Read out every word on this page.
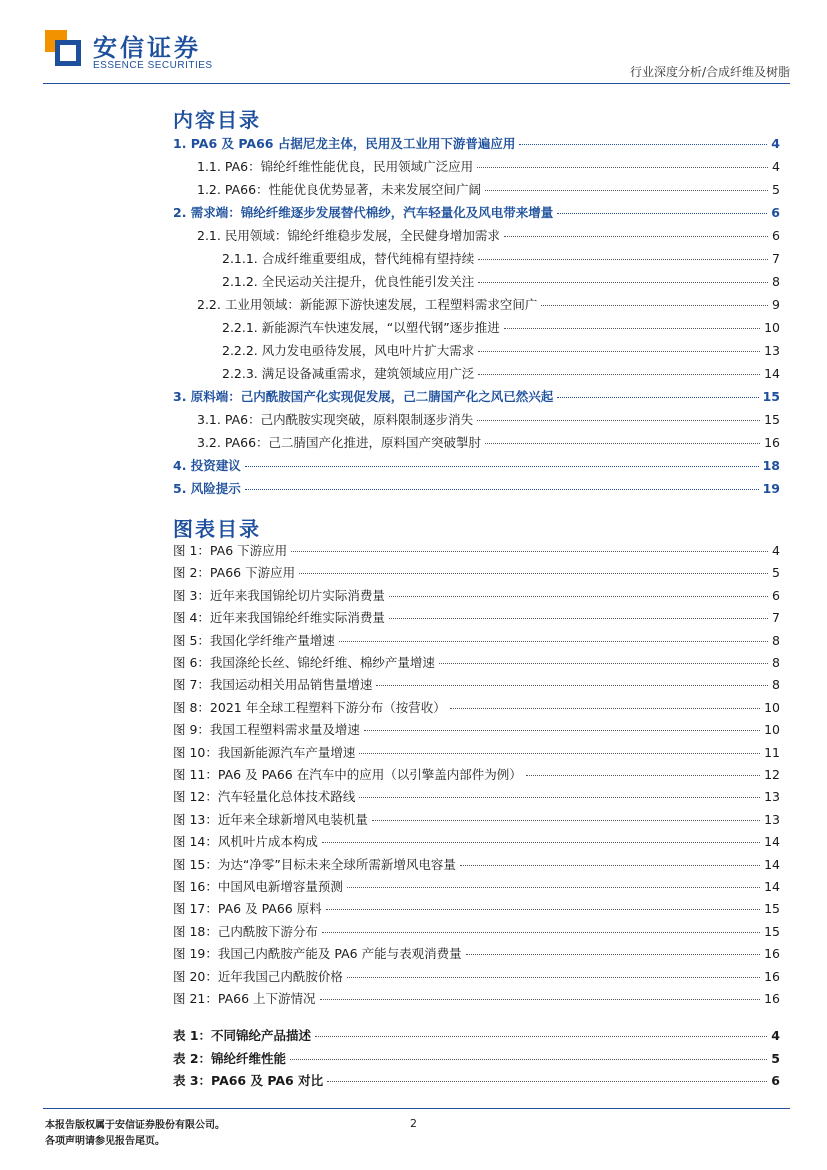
安信证券
ESSENCE SECURITIES	行业深度分析/合成纤维及树脂
内容目录
1. PA6 及 PA66 占据尼龙主体，民用及工业用下游普遍应用	4
1.1. PA6：锦纶纤维性能优良，民用领域广泛应用	4
1.2. PA66：性能优良优势显著，未来发展空间广阔	5
2. 需求端：锦纶纤维逐步发展替代棉纱，汽车轻量化及风电带来增量	6
2.1. 民用领域：锦纶纤维稳步发展，全民健身增加需求	6
2.1.1. 合成纤维重要组成，替代纯棉有望持续	7
2.1.2. 全民运动关注提升，优良性能引发关注	8
2.2. 工业用领域：新能源下游快速发展，工程塑料需求空间广	9
2.2.1. 新能源汽车快速发展，“以塑代钢”逐步推进	10
2.2.2. 风力发电亟待发展，风电叶片扩大需求	13
2.2.3. 满足设备减重需求，建筑领域应用广泛	14
3. 原料端：己内酰胺国产化实现促发展，己二腈国产化之风已然兴起	15
3.1. PA6：己内酰胺实现突破，原料限制逐步消失	15
3.2. PA66：己二腈国产化推进，原料国产突破掣肘	16
4. 投资建议	18
5. 风险提示	19
图表目录
图 1：PA6 下游应用	4
图 2：PA66 下游应用	5
图 3：近年来我国锦纶切片实际消费量	6
图 4：近年来我国锦纶纤维实际消费量	7
图 5：我国化学纤维产量增速	8
图 6：我国涤纶长丝、锦纶纤维、棉纱产量增速	8
图 7：我国运动相关用品销售量增速	8
图 8：2021 年全球工程塑料下游分布（按营收）	10
图 9：我国工程塑料需求量及增速	10
图 10：我国新能源汽车产量增速	11
图 11：PA6 及 PA66 在汽车中的应用（以引擎盖内部件为例）	12
图 12：汽车轻量化总体技术路线	13
图 13：近年来全球新增风电装机量	13
图 14：风机叶片成本构成	14
图 15：为达“净零”目标未来全球所需新增风电容量	14
图 16：中国风电新增容量预测	14
图 17：PA6 及 PA66 原料	15
图 18：己内酰胺下游分布	15
图 19：我国己内酰胺产能及 PA6 产能与表观消费量	16
图 20：近年我国己内酰胺价格	16
图 21：PA66 上下游情况	16
表 1：不同锦纶产品描述	4
表 2：锦纶纤维性能	5
表 3：PA66 及 PA6 对比	6
2
本报告版权属于安信证券股份有限公司。
各项声明请参见报告尾页。
